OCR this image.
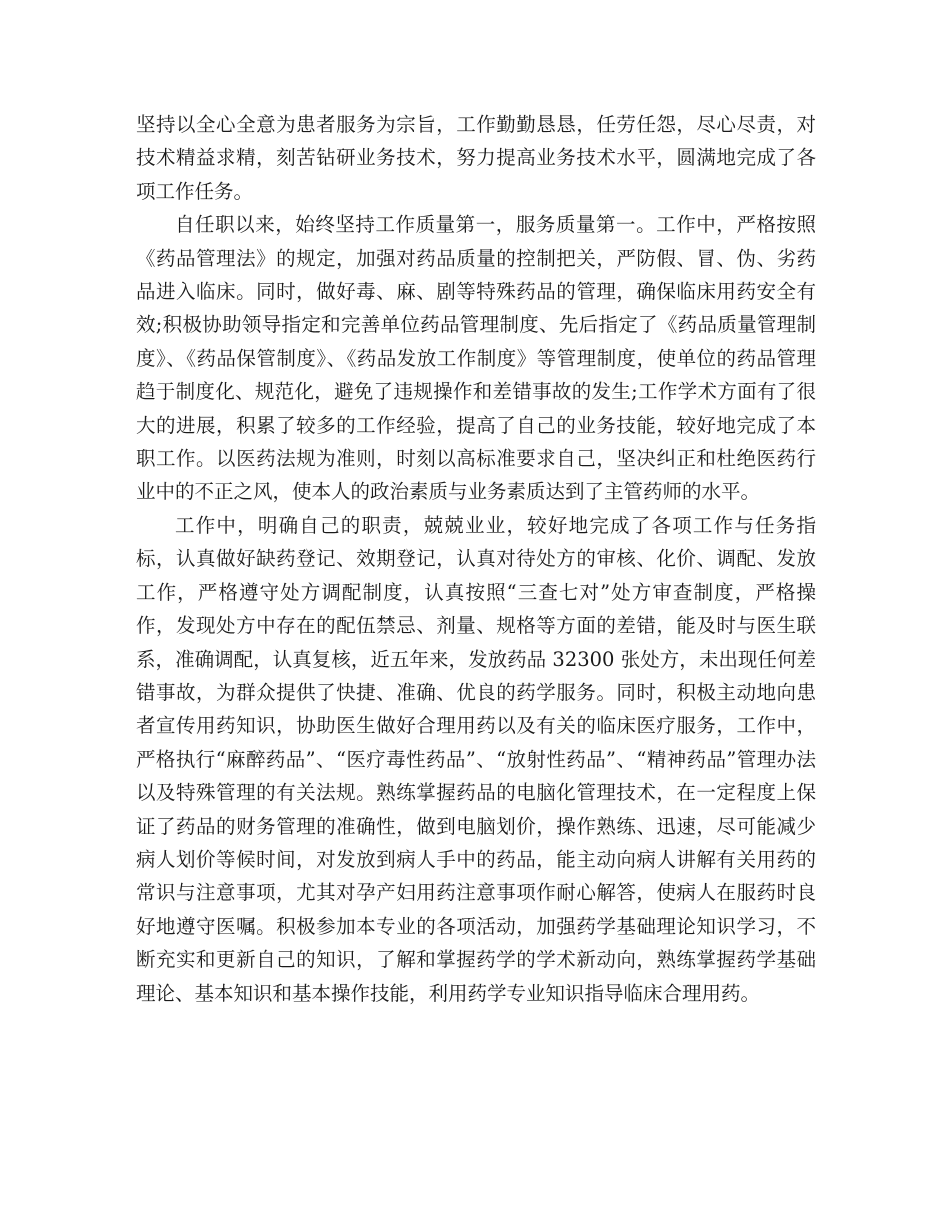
坚持以全心全意为患者服务为宗旨，工作勤勤恳恳，任劳任怨，尽心尽责，对技术精益求精，刻苦钻研业务技术，努力提高业务技术水平，圆满地完成了各项工作任务。

自任职以来，始终坚持工作质量第一，服务质量第一。工作中，严格按照《药品管理法》的规定，加强对药品质量的控制把关，严防假、冒、伪、劣药品进入临床。同时，做好毒、麻、剧等特殊药品的管理，确保临床用药安全有效;积极协助领导指定和完善单位药品管理制度、先后指定了《药品质量管理制度》、《药品保管制度》、《药品发放工作制度》等管理制度，使单位的药品管理趋于制度化、规范化，避免了违规操作和差错事故的发生;工作学术方面有了很大的进展，积累了较多的工作经验，提高了自己的业务技能，较好地完成了本职工作。以医药法规为准则，时刻以高标准要求自己，坚决纠正和杜绝医药行业中的不正之风，使本人的政治素质与业务素质达到了主管药师的水平。

工作中，明确自己的职责，兢兢业业，较好地完成了各项工作与任务指标，认真做好缺药登记、效期登记，认真对待处方的审核、化价、调配、发放工作，严格遵守处方调配制度，认真按照“三查七对”处方审查制度，严格操作，发现处方中存在的配伍禁忌、剂量、规格等方面的差错，能及时与医生联系，准确调配，认真复核，近五年来，发放药品 32300 张处方，未出现任何差错事故，为群众提供了快捷、准确、优良的药学服务。同时，积极主动地向患者宣传用药知识，协助医生做好合理用药以及有关的临床医疗服务，工作中，严格执行“麻醉药品”、“医疗毒性药品”、“放射性药品”、“精神药品”管理办法以及特殊管理的有关法规。熟练掌握药品的电脑化管理技术，在一定程度上保证了药品的财务管理的准确性，做到电脑划价，操作熟练、迅速，尽可能减少病人划价等候时间，对发放到病人手中的药品，能主动向病人讲解有关用药的常识与注意事项，尤其对孕产妇用药注意事项作耐心解答，使病人在服药时良好地遵守医嘱。积极参加本专业的各项活动，加强药学基础理论知识学习，不断充实和更新自己的知识，了解和掌握药学的学术新动向，熟练掌握药学基础理论、基本知识和基本操作技能，利用药学专业知识指导临床合理用药。
